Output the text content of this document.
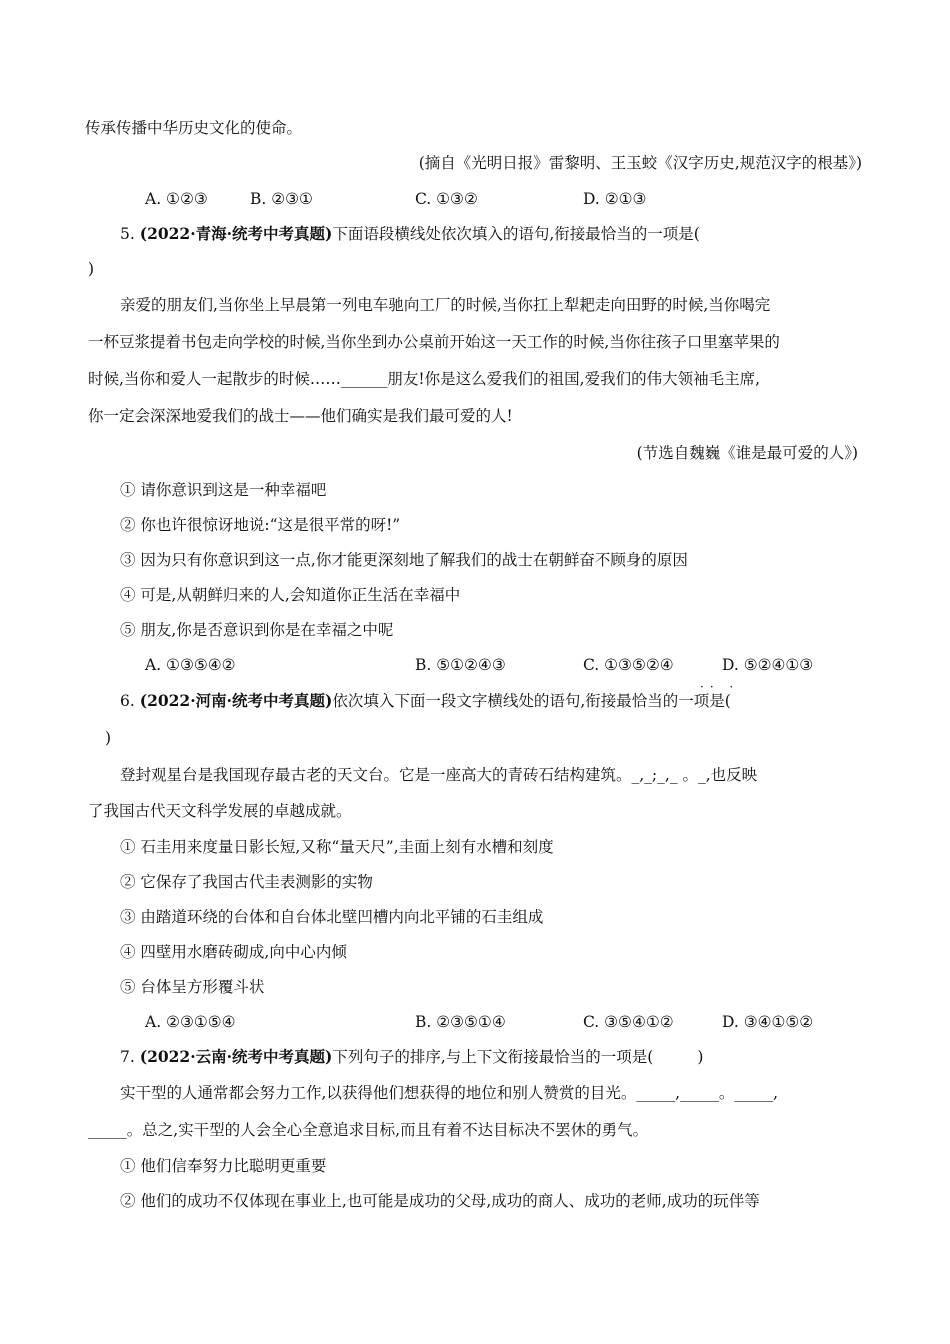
传承传播中华历史文化的使命。
(摘自《光明日报》雷黎明、王玉蛟《汉字历史,规范汉字的根基》)
A. ①②③	B. ②③①	C. ①③②	D. ②①③
5. (2022·青海·统考中考真题)下面语段横线处依次填入的语句,衔接最恰当的一项是(
)
亲爱的朋友们,当你坐上早晨第一列电车驰向工厂的时候,当你扛上犁耙走向田野的时候,当你喝完
一杯豆浆提着书包走向学校的时候,当你坐到办公桌前开始这一天工作的时候,当你往孩子口里塞苹果的
时候,当你和爱人一起散步的时候……______朋友!你是这么爱我们的祖国,爱我们的伟大领袖毛主席,
你一定会深深地爱我们的战士——他们确实是我们最可爱的人!
(节选自魏巍《谁是最可爱的人》)
① 请你意识到这是一种幸福吧
② 你也许很惊讶地说:“这是很平常的呀!”
③ 因为只有你意识到这一点,你才能更深刻地了解我们的战士在朝鲜奋不顾身的原因
④ 可是,从朝鲜归来的人,会知道你正生活在幸福中
⑤ 朋友,你是否意识到你是在幸福之中呢
A. ①③⑤④②	B. ⑤①②④③	C. ①③⑤②④	D. ⑤②④①③
6. (2022·河南·统考中考真题)依次填入下面一段文字横线处的语句,衔接最恰当的一项是(
·· ·
)
登封观星台是我国现存最古老的天文台。它是一座高大的青砖石结构建筑。_,_;_,_ 。_,也反映
了我国古代天文科学发展的卓越成就。
① 石圭用来度量日影长短,又称“量天尺”,圭面上刻有水槽和刻度
② 它保存了我国古代圭表测影的实物
③ 由踏道环绕的台体和自台体北壁凹槽内向北平铺的石圭组成
④ 四壁用水磨砖砌成,向中心内倾
⑤ 台体呈方形覆斗状
A. ②③①⑤④	B. ②③⑤①④	C. ③⑤④①②	D. ③④①⑤②
7. (2022·云南·统考中考真题)下列句子的排序,与上下文衔接最恰当的一项是(	)
实干型的人通常都会努力工作,以获得他们想获得的地位和别人赞赏的目光。_____,_____。_____,
_____。总之,实干型的人会全心全意追求目标,而且有着不达目标决不罢休的勇气。
① 他们信奉努力比聪明更重要
② 他们的成功不仅体现在事业上,也可能是成功的父母,成功的商人、成功的老师,成功的玩伴等
